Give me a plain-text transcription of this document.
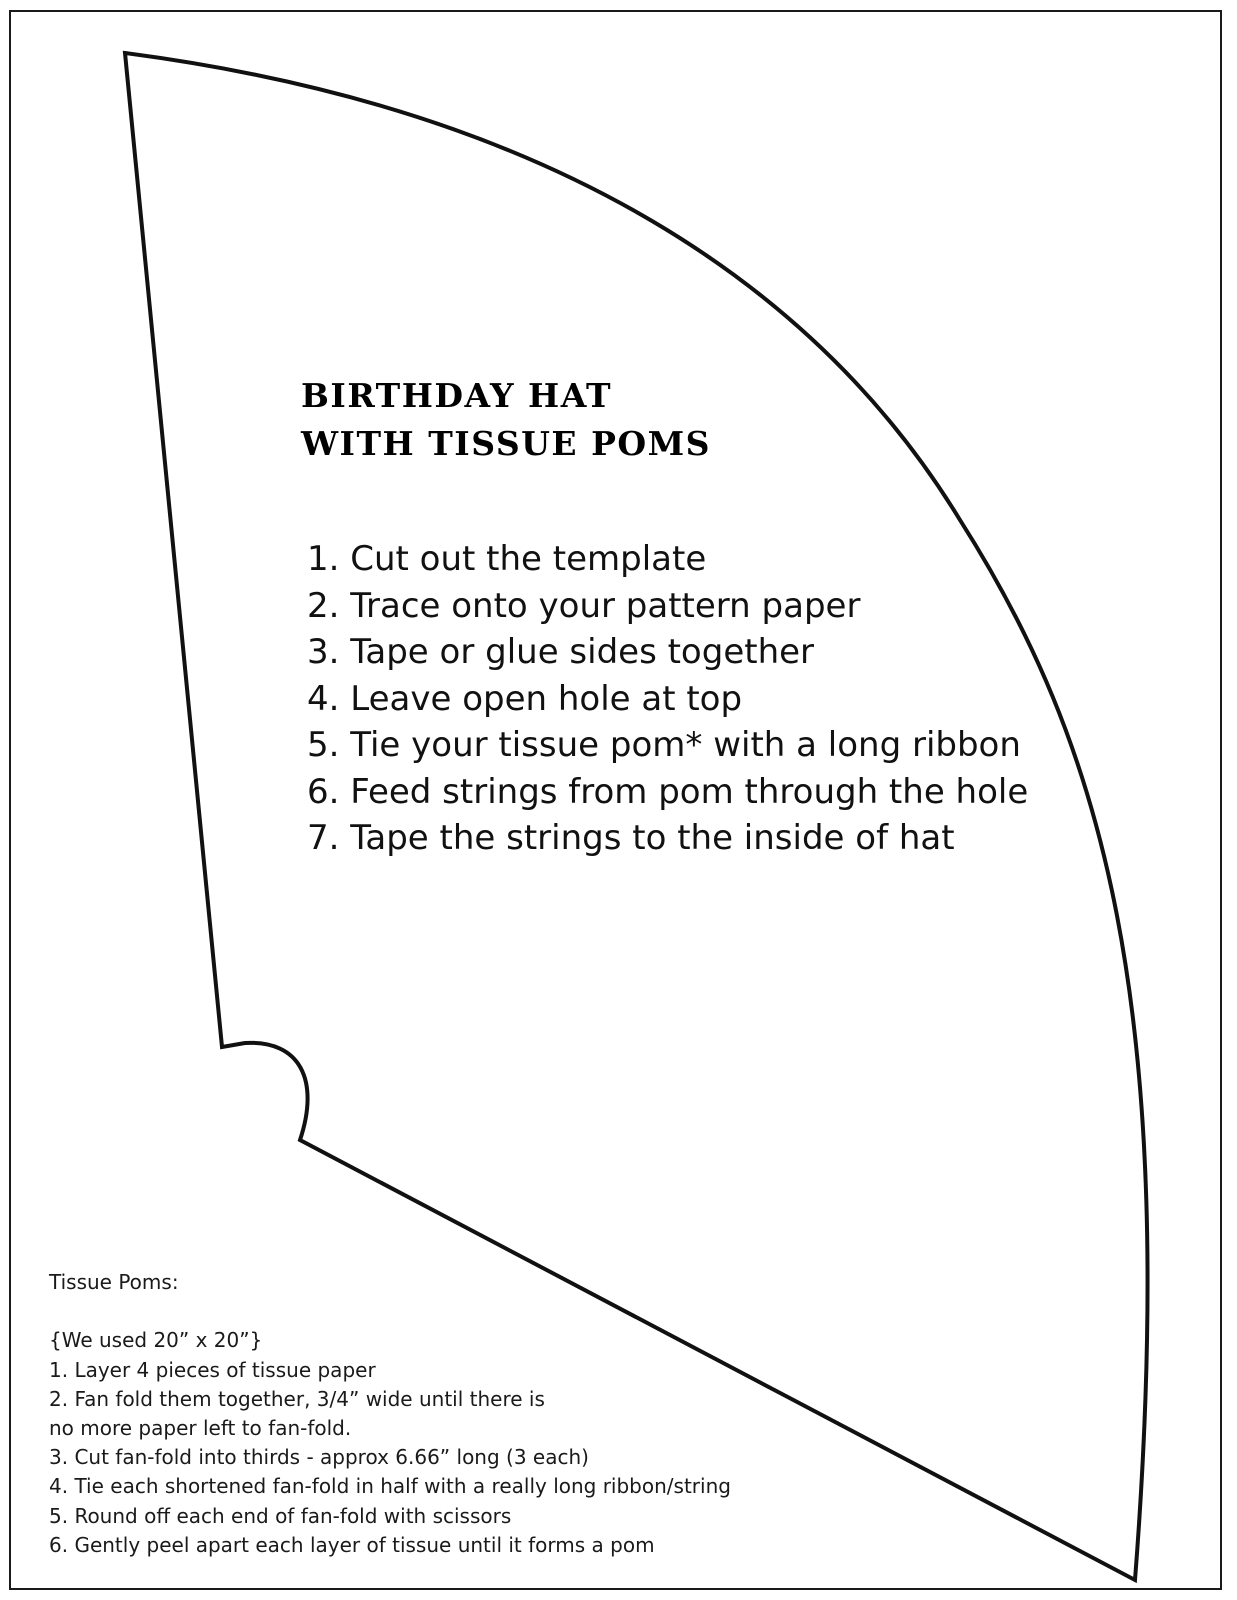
BIRTHDAY HAT
WITH TISSUE POMS
1. Cut out the template
2. Trace onto your pattern paper
3. Tape or glue sides together
4. Leave open hole at top
5. Tie your tissue pom* with a long ribbon
6. Feed strings from pom through the hole
7. Tape the strings to the inside of hat
Tissue Poms:
{We used 20” x 20”}
1. Layer 4 pieces of tissue paper
2. Fan fold them together, 3/4” wide until there is
no more paper left to fan-fold.
3. Cut fan-fold into thirds - approx 6.66” long (3 each)
4. Tie each shortened fan-fold in half with a really long ribbon/string
5. Round off each end of fan-fold with scissors
6. Gently peel apart each layer of tissue until it forms a pom
